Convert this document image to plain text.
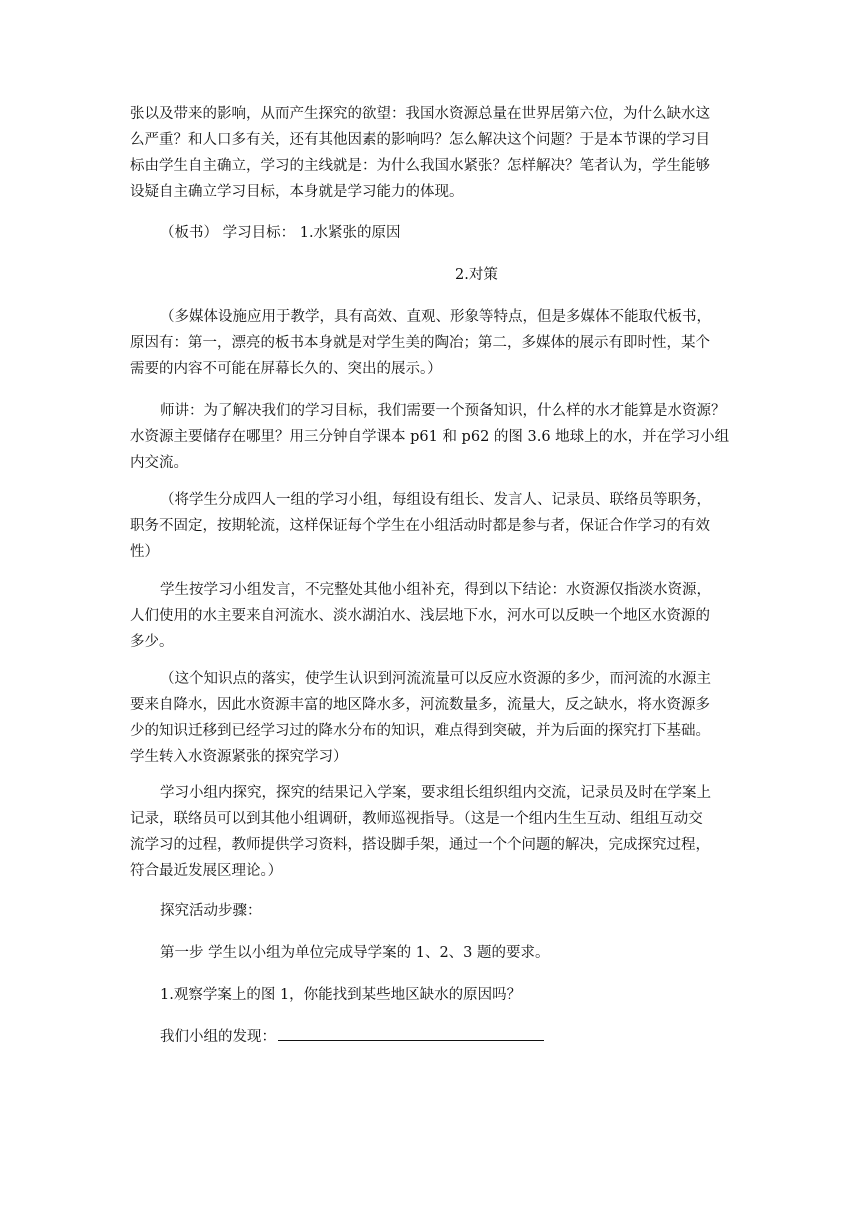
张以及带来的影响，从而产生探究的欲望：我国水资源总量在世界居第六位，为什么缺水这
么严重？和人口多有关，还有其他因素的影响吗？怎么解决这个问题？于是本节课的学习目
标由学生自主确立，学习的主线就是：为什么我国水紧张？怎样解决？笔者认为，学生能够
设疑自主确立学习目标，本身就是学习能力的体现。
（板书） 学习目标： 1.水紧张的原因
2.对策
（多媒体设施应用于教学，具有高效、直观、形象等特点，但是多媒体不能取代板书，
原因有：第一，漂亮的板书本身就是对学生美的陶冶；第二，多媒体的展示有即时性，某个
需要的内容不可能在屏幕长久的、突出的展示。）
师讲：为了解决我们的学习目标，我们需要一个预备知识，什么样的水才能算是水资源？
水资源主要储存在哪里？用三分钟自学课本 p61 和 p62 的图 3.6 地球上的水，并在学习小组
内交流。
（将学生分成四人一组的学习小组，每组设有组长、发言人、记录员、联络员等职务，
职务不固定，按期轮流，这样保证每个学生在小组活动时都是参与者，保证合作学习的有效
性）
学生按学习小组发言，不完整处其他小组补充，得到以下结论：水资源仅指淡水资源，
人们使用的水主要来自河流水、淡水湖泊水、浅层地下水，河水可以反映一个地区水资源的
多少。
（这个知识点的落实，使学生认识到河流流量可以反应水资源的多少，而河流的水源主
要来自降水，因此水资源丰富的地区降水多，河流数量多，流量大，反之缺水，将水资源多
少的知识迁移到已经学习过的降水分布的知识，难点得到突破，并为后面的探究打下基础。
学生转入水资源紧张的探究学习）
学习小组内探究，探究的结果记入学案，要求组长组织组内交流，记录员及时在学案上
记录，联络员可以到其他小组调研，教师巡视指导。（这是一个组内生生互动、组组互动交
流学习的过程，教师提供学习资料，搭设脚手架，通过一个个问题的解决，完成探究过程，
符合最近发展区理论。）
探究活动步骤：
第一步 学生以小组为单位完成导学案的 1、2、3 题的要求。
1.观察学案上的图 1，你能找到某些地区缺水的原因吗？
我们小组的发现：
